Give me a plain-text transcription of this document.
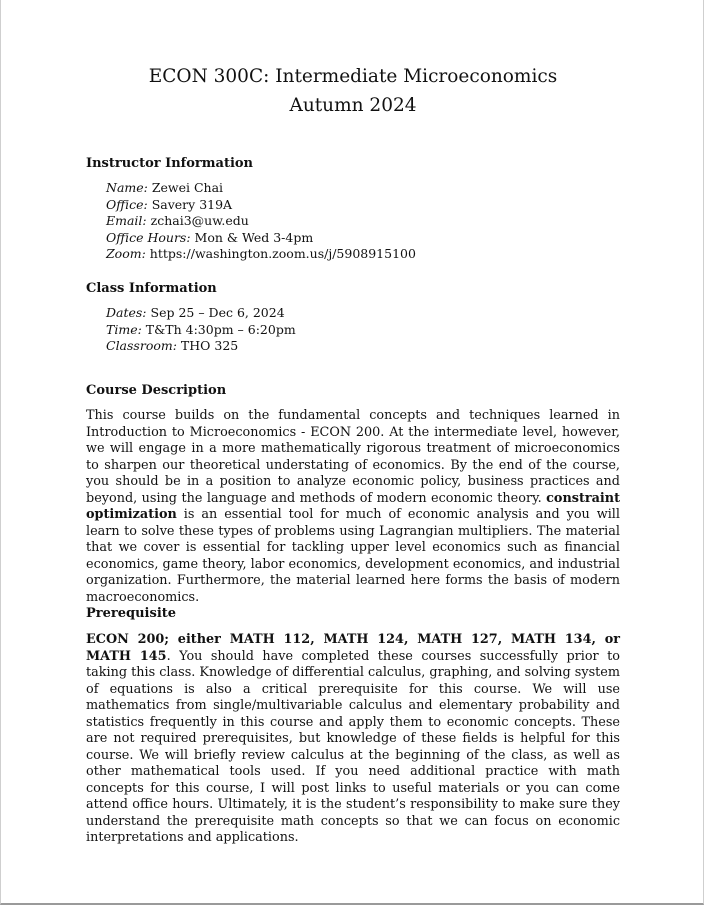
ECON 300C: Intermediate Microeconomics
Autumn 2024
Instructor Information
Name: Zewei Chai
Office: Savery 319A
Email: zchai3@uw.edu
Office Hours: Mon & Wed 3-4pm
Zoom: https://washington.zoom.us/j/5908915100
Class Information
Dates: Sep 25 – Dec 6, 2024
Time: T&Th 4:30pm – 6:20pm
Classroom: THO 325
Course Description
This course builds on the fundamental concepts and techniques learned in Introduction to Microeconomics - ECON 200. At the intermediate level, however, we will engage in a more mathematically rigorous treatment of microeconomics to sharpen our theoretical understating of economics. By the end of the course, you should be in a position to analyze economic policy, business practices and beyond, using the language and methods of modern economic theory. constraint optimization is an essential tool for much of economic analysis and you will learn to solve these types of problems using Lagrangian multipliers. The material that we cover is essential for tackling upper level economics such as financial economics, game theory, labor economics, development economics, and industrial organization. Furthermore, the material learned here forms the basis of modern macroeconomics.
Prerequisite
ECON 200; either MATH 112, MATH 124, MATH 127, MATH 134, or MATH 145. You should have completed these courses successfully prior to taking this class. Knowledge of differential calculus, graphing, and solving system of equations is also a critical prerequisite for this course. We will use mathematics from single/multivariable calculus and elementary probability and statistics frequently in this course and apply them to economic concepts. These are not required prerequisites, but knowledge of these fields is helpful for this course. We will briefly review calculus at the beginning of the class, as well as other mathematical tools used. If you need additional practice with math concepts for this course, I will post links to useful materials or you can come attend office hours. Ultimately, it is the student’s responsibility to make sure they understand the prerequisite math concepts so that we can focus on economic interpretations and applications.
